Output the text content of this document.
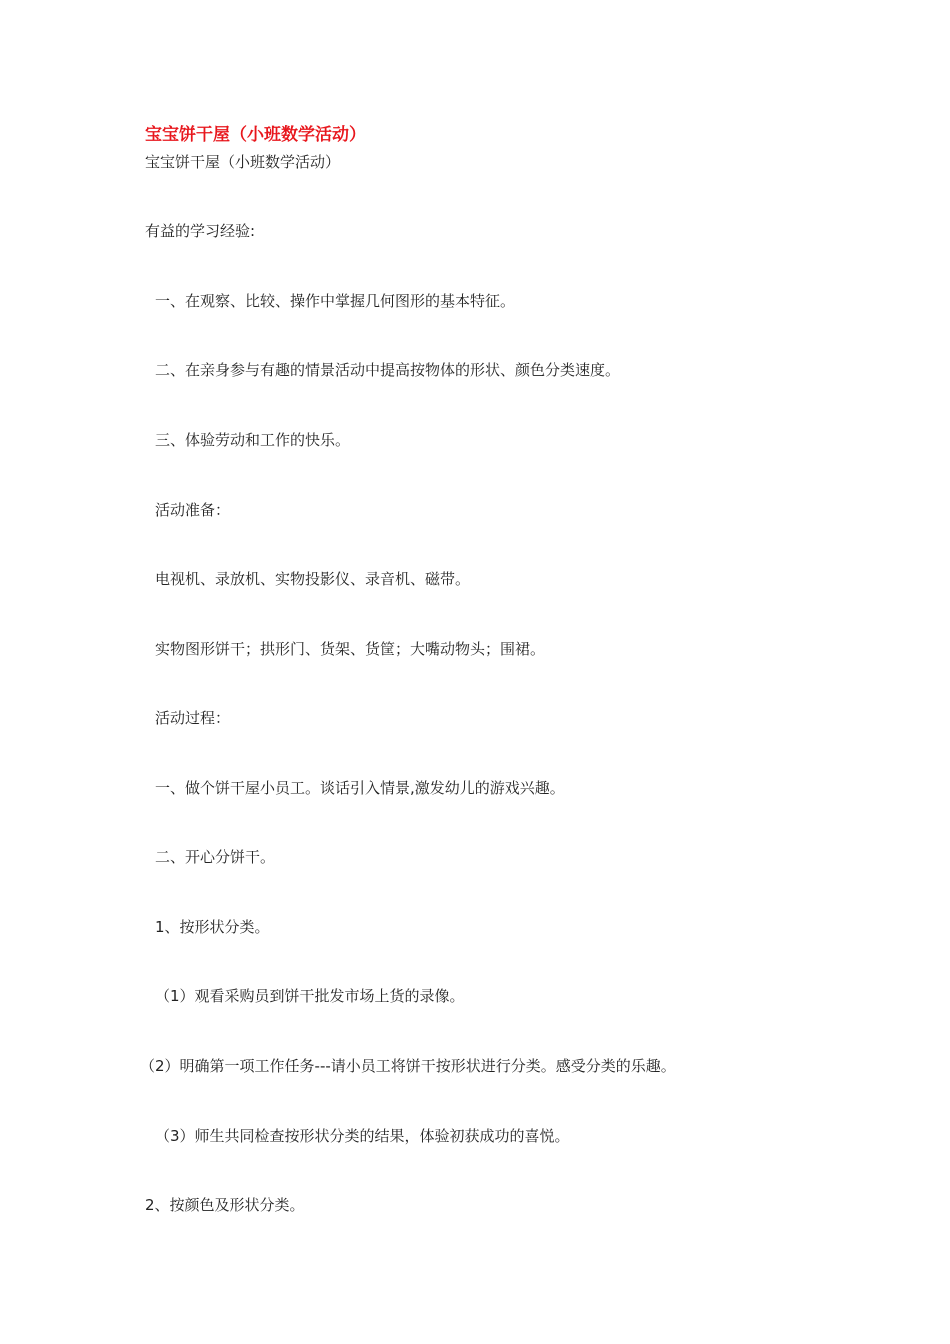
宝宝饼干屋（小班数学活动）
宝宝饼干屋（小班数学活动）
有益的学习经验:
一、在观察、比较、操作中掌握几何图形的基本特征。
二、在亲身参与有趣的情景活动中提高按物体的形状、颜色分类速度。
三、体验劳动和工作的快乐。
活动准备：
电视机、录放机、实物投影仪、录音机、磁带。
实物图形饼干；拱形门、货架、货筐；大嘴动物头；围裙。
活动过程：
一、做个饼干屋小员工。谈话引入情景,激发幼儿的游戏兴趣。
二、开心分饼干。
1、按形状分类。
（1）观看采购员到饼干批发市场上货的录像。
（2）明确第一项工作任务---请小员工将饼干按形状进行分类。感受分类的乐趣。
（3）师生共同检查按形状分类的结果，体验初获成功的喜悦。
2、按颜色及形状分类。
